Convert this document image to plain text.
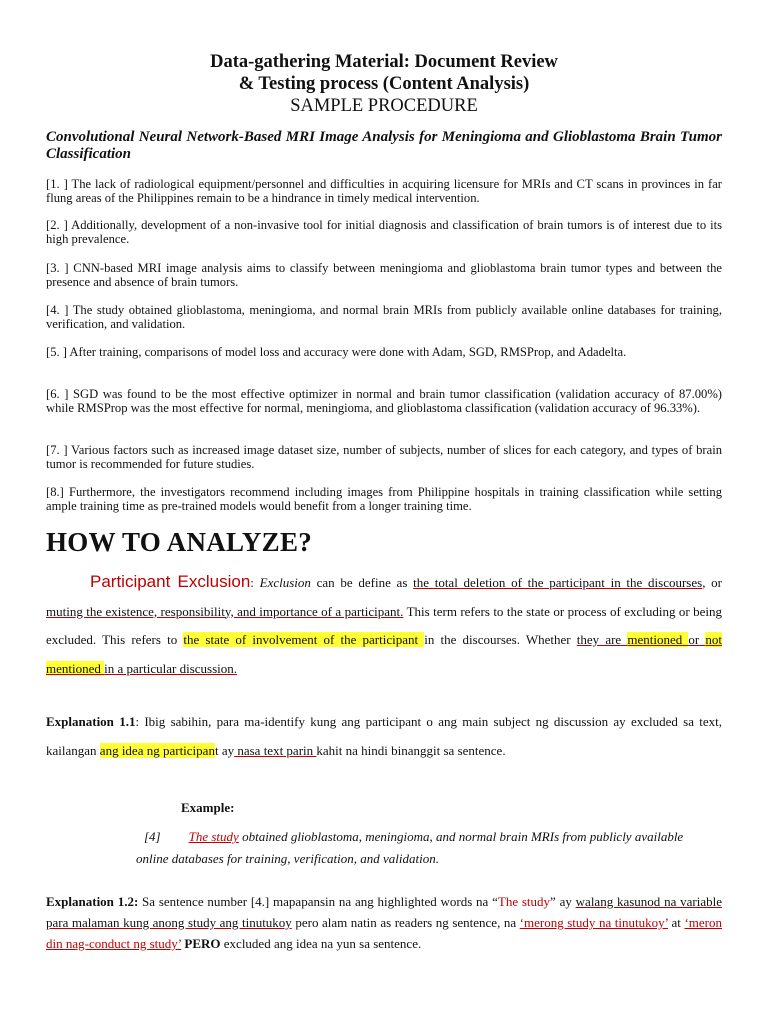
Data-gathering Material: Document Review
& Testing process (Content Analysis)
SAMPLE PROCEDURE
Convolutional Neural Network-Based MRI Image Analysis for Meningioma and Glioblastoma Brain Tumor Classification
[1. ] The lack of radiological equipment/personnel and difficulties in acquiring licensure for MRIs and CT scans in provinces in far flung areas of the Philippines remain to be a hindrance in timely medical intervention.
[2. ] Additionally, development of a non-invasive tool for initial diagnosis and classification of brain tumors is of interest due to its high prevalence.
[3. ] CNN-based MRI image analysis aims to classify between meningioma and glioblastoma brain tumor types and between the presence and absence of brain tumors.
[4. ] The study obtained glioblastoma, meningioma, and normal brain MRIs from publicly available online databases for training, verification, and validation.
[5. ] After training, comparisons of model loss and accuracy were done with Adam, SGD, RMSProp, and Adadelta.
[6. ] SGD was found to be the most effective optimizer in normal and brain tumor classification (validation accuracy of 87.00%) while RMSProp was the most effective for normal, meningioma, and glioblastoma classification (validation accuracy of 96.33%).
[7. ] Various factors such as increased image dataset size, number of subjects, number of slices for each category, and types of brain tumor is recommended for future studies.
[8.] Furthermore, the investigators recommend including images from Philippine hospitals in training classification while setting ample training time as pre-trained models would benefit from a longer training time.
HOW TO ANALYZE?
Participant Exclusion: Exclusion can be define as the total deletion of the participant in the discourses, or muting the existence, responsibility, and importance of a participant. This term refers to the state or process of excluding or being excluded. This refers to the state of involvement of the participant in the discourses. Whether they are mentioned or not mentioned in a particular discussion.
Explanation 1.1: Ibig sabihin, para ma-identify kung ang participant o ang main subject ng discussion ay excluded sa text, kailangan ang idea ng participant ay nasa text parin kahit na hindi binanggit sa sentence.
Example:
[4] The study obtained glioblastoma, meningioma, and normal brain MRIs from publicly available online databases for training, verification, and validation.
Explanation 1.2: Sa sentence number [4.] mapapansin na ang highlighted words na “The study” ay walang kasunod na variable para malaman kung anong study ang tinutukoy pero alam natin as readers ng sentence, na ‘merong study na tinutukoy’ at ‘meron din nag-conduct ng study’ PERO excluded ang idea na yun sa sentence.
